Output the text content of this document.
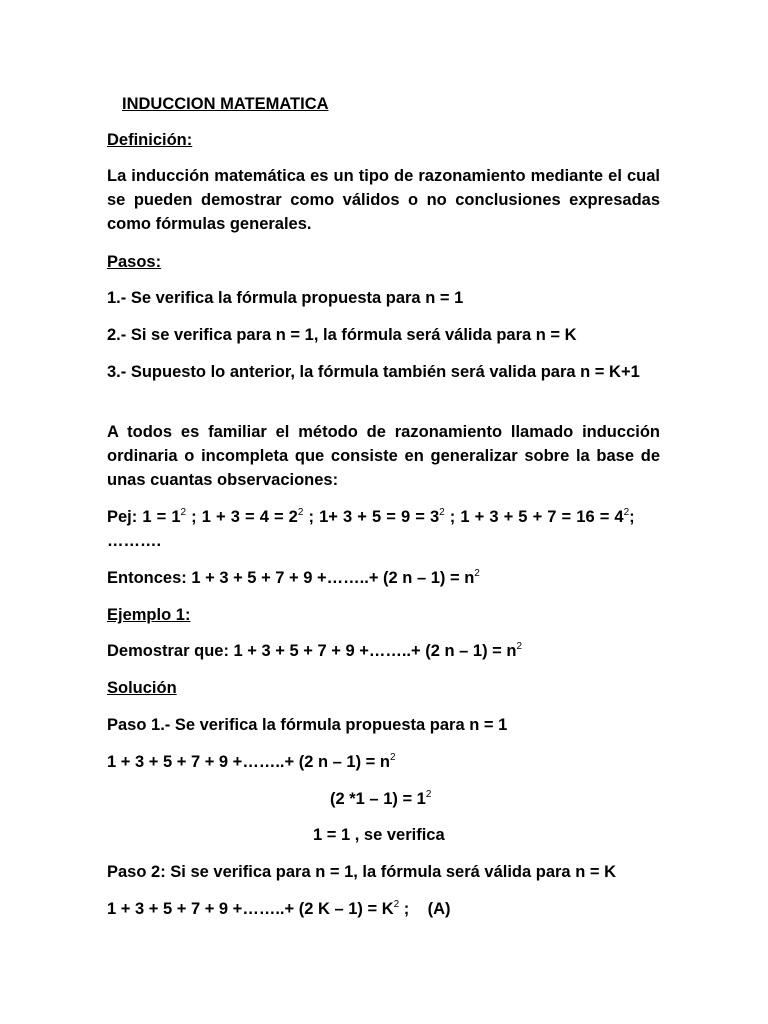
INDUCCION MATEMATICA

Definición:

La inducción matemática es un tipo de razonamiento mediante el cual se pueden demostrar como válidos o no conclusiones expresadas como fórmulas generales.

Pasos:

1.- Se verifica la fórmula propuesta para n = 1

2.- Si se verifica para n = 1, la fórmula será válida para n = K

3.- Supuesto lo anterior, la fórmula también será valida para n = K+1

A todos es familiar el método de razonamiento llamado inducción ordinaria o incompleta que consiste en generalizar sobre la base de unas cuantas observaciones:

Pej: $1 = 1^2$ ; $1 + 3 = 4 = 2^2$ ; $1+ 3 + 5 = 9 = 3^2$ ; $1 + 3 + 5 + 7 = 16 = 4^2$;

……….

Entonces: 1 + 3 + 5 + 7 + 9 +……..+ (2 $n - 1) = n^2$

Ejemplo 1:

Demostrar que: 1 + 3 + 5 + 7 + 9 +……..+ (2 $n - 1) = n^2$

Solución

Paso 1.- Se verifica la fórmula propuesta para n = 1

1 + 3 + 5 + 7 + 9 +……..+ (2 $n - 1) = n^2$

(2 $*1 - 1) = 1^2$

1 = 1 , se verifica

Paso 2: Si se verifica para n = 1, la fórmula será válida para n = K

1 + 3 + 5 + 7 + 9 +……..+ (2 $K - 1) = K^2$ ;    (A)
